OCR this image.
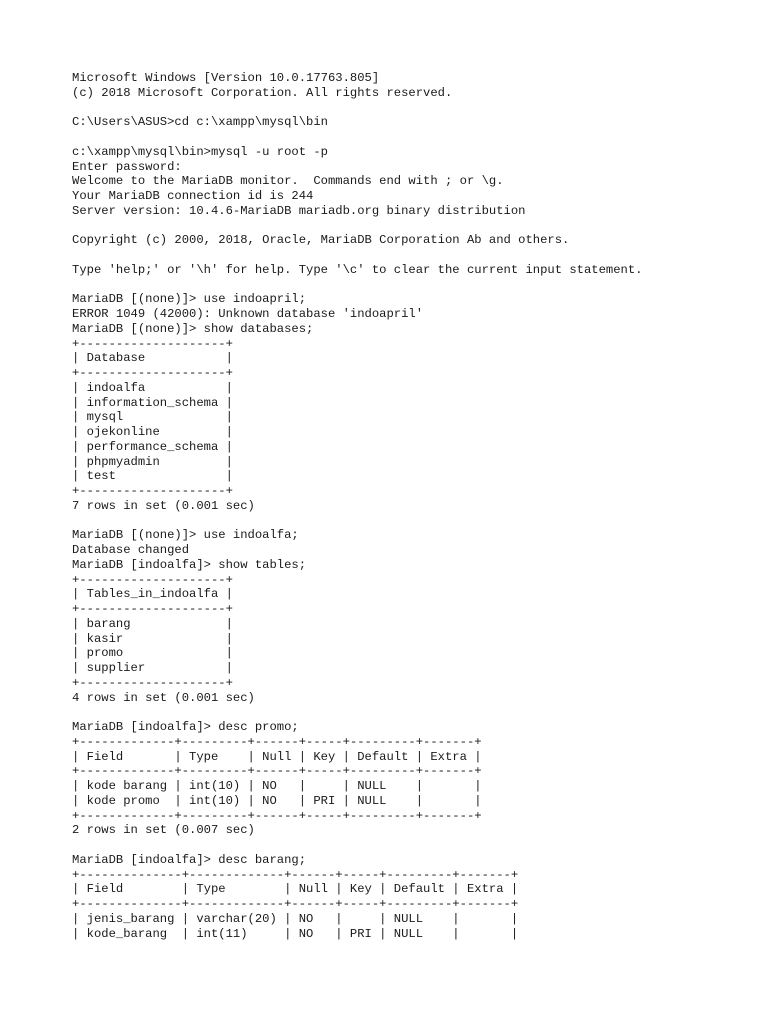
Microsoft Windows [Version 10.0.17763.805]
(c) 2018 Microsoft Corporation. All rights reserved.
C:\Users\ASUS>cd c:\xampp\mysql\bin
c:\xampp\mysql\bin>mysql -u root -p
Enter password:
Welcome to the MariaDB monitor.  Commands end with ; or \g.
Your MariaDB connection id is 244
Server version: 10.4.6-MariaDB mariadb.org binary distribution
Copyright (c) 2000, 2018, Oracle, MariaDB Corporation Ab and others.
Type 'help;' or '\h' for help. Type '\c' to clear the current input statement.
MariaDB [(none)]> use indoapril;
ERROR 1049 (42000): Unknown database 'indoapril'
MariaDB [(none)]> show databases;
+--------------------+
| Database           |
+--------------------+
| indoalfa           |
| information_schema |
| mysql              |
| ojekonline         |
| performance_schema |
| phpmyadmin         |
| test               |
+--------------------+
7 rows in set (0.001 sec)
MariaDB [(none)]> use indoalfa;
Database changed
MariaDB [indoalfa]> show tables;
+--------------------+
| Tables_in_indoalfa |
+--------------------+
| barang             |
| kasir              |
| promo              |
| supplier           |
+--------------------+
4 rows in set (0.001 sec)
MariaDB [indoalfa]> desc promo;
+-------------+---------+------+-----+---------+-------+
| Field       | Type    | Null | Key | Default | Extra |
+-------------+---------+------+-----+---------+-------+
| kode barang | int(10) | NO   |     | NULL    |       |
| kode promo  | int(10) | NO   | PRI | NULL    |       |
+-------------+---------+------+-----+---------+-------+
2 rows in set (0.007 sec)
MariaDB [indoalfa]> desc barang;
+--------------+-------------+------+-----+---------+-------+
| Field        | Type        | Null | Key | Default | Extra |
+--------------+-------------+------+-----+---------+-------+
| jenis_barang | varchar(20) | NO   |     | NULL    |       |
| kode_barang  | int(11)     | NO   | PRI | NULL    |       |
